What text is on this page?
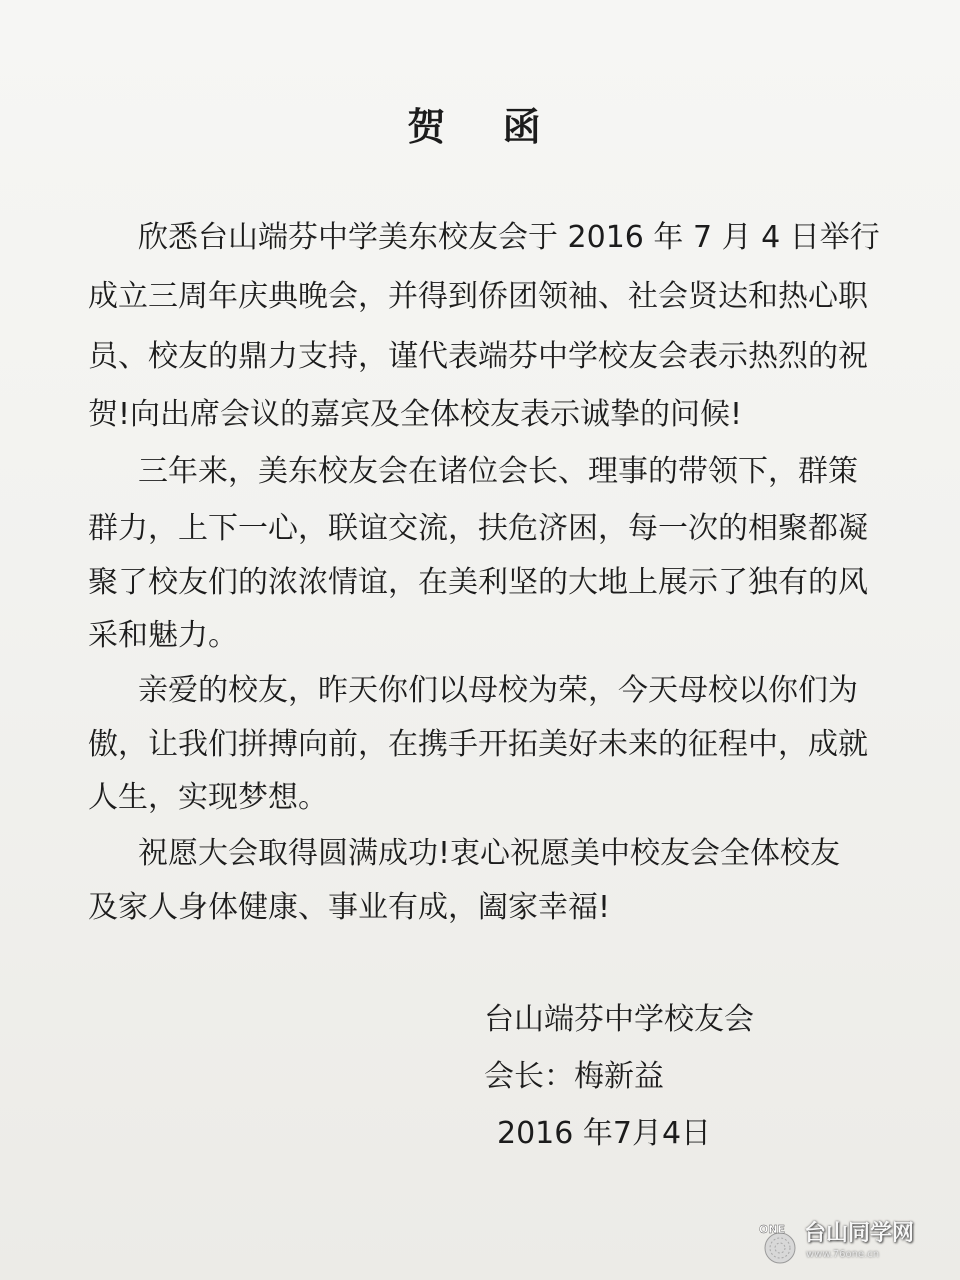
贺 函
欣悉台山端芬中学美东校友会于 2016 年 7 月 4 日举行
成立三周年庆典晚会，并得到侨团领袖、社会贤达和热心职
员、校友的鼎力支持，谨代表端芬中学校友会表示热烈的祝
贺!向出席会议的嘉宾及全体校友表示诚挚的问候!
三年来，美东校友会在诸位会长、理事的带领下，群策
群力，上下一心，联谊交流，扶危济困，每一次的相聚都凝
聚了校友们的浓浓情谊，在美利坚的大地上展示了独有的风
采和魅力。
亲爱的校友，昨天你们以母校为荣，今天母校以你们为
傲，让我们拼搏向前，在携手开拓美好未来的征程中，成就
人生，实现梦想。
祝愿大会取得圆满成功!衷心祝愿美中校友会全体校友
及家人身体健康、事业有成，阖家幸福!
台山端芬中学校友会
会长：梅新益
2016 年7月4日
ONE 台山同学网
www.76one.cn
